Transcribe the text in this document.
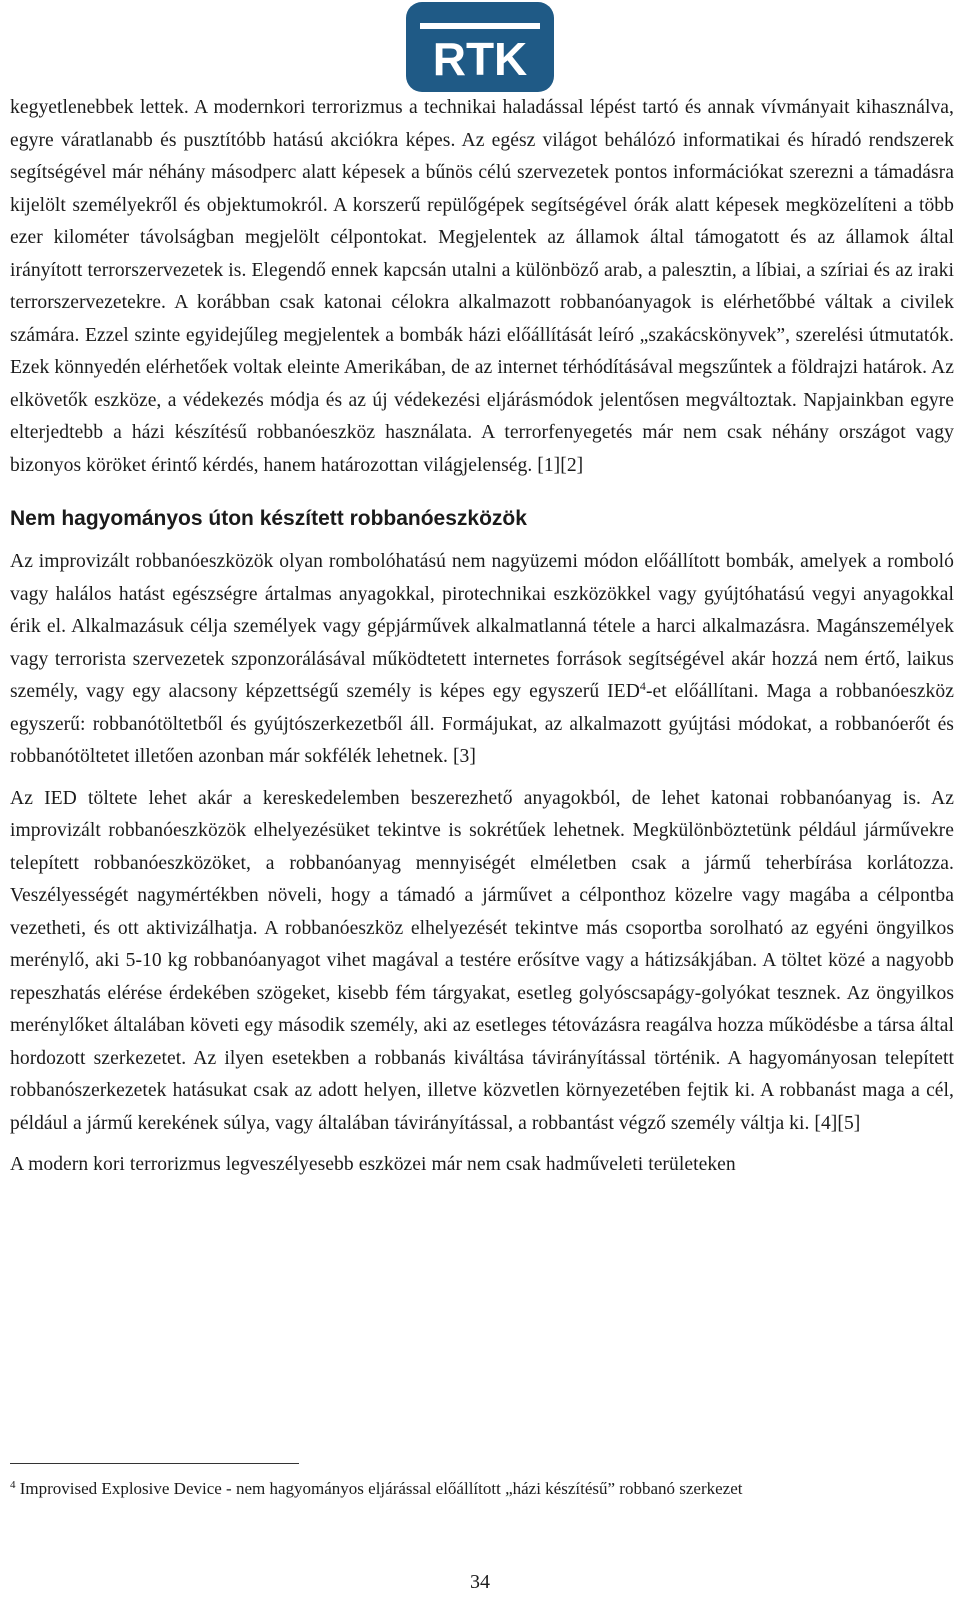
RTK

kegyetlenebbek lettek. A modernkori terrorizmus a technikai haladással lépést tartó és annak vívmányait kihasználva, egyre váratlanabb és pusztítóbb hatású akciókra képes. Az egész világot behálózó informatikai és híradó rendszerek segítségével már néhány másodperc alatt képesek a bűnös célú szervezetek pontos információkat szerezni a támadásra kijelölt személyekről és objektumokról. A korszerű repülőgépek segítségével órák alatt képesek megközelíteni a több ezer kilométer távolságban megjelölt célpontokat. Megjelentek az államok által támogatott és az államok által irányított terrorszervezetek is. Elegendő ennek kapcsán utalni a különböző arab, a palesztin, a líbiai, a szíriai és az iraki terrorszervezetekre. A korábban csak katonai célokra alkalmazott robbanóanyagok is elérhetőbbé váltak a civilek számára. Ezzel szinte egyidejűleg megjelentek a bombák házi előállítását leíró „szakácskönyvek”, szerelési útmutatók. Ezek könnyedén elérhetőek voltak eleinte Amerikában, de az internet térhódításával megszűntek a földrajzi határok. Az elkövetők eszköze, a védekezés módja és az új védekezési eljárásmódok jelentősen megváltoztak. Napjainkban egyre elterjedtebb a házi készítésű robbanóeszköz használata. A terrorfenyegetés már nem csak néhány országot vagy bizonyos köröket érintő kérdés, hanem határozottan világjelenség. [1][2]

Nem hagyományos úton készített robbanóeszközök

Az improvizált robbanóeszközök olyan rombolóhatású nem nagyüzemi módon előállított bombák, amelyek a romboló vagy halálos hatást egészségre ártalmas anyagokkal, pirotechnikai eszközökkel vagy gyújtóhatású vegyi anyagokkal érik el. Alkalmazásuk célja személyek vagy gépjárművek alkalmatlanná tétele a harci alkalmazásra. Magánszemélyek vagy terrorista szervezetek szponzorálásával működtetett internetes források segítségével akár hozzá nem értő, laikus személy, vagy egy alacsony képzettségű személy is képes egy egyszerű IED$^4$-et előállítani. Maga a robbanóeszköz egyszerű: robbanótöltetből és gyújtószerkezetből áll. Formájukat, az alkalmazott gyújtási módokat, a robbanóerőt és robbanótöltetet illetően azonban már sokfélék lehetnek. [3]

Az IED töltete lehet akár a kereskedelemben beszerezhető anyagokból, de lehet katonai robbanóanyag is. Az improvizált robbanóeszközök elhelyezésüket tekintve is sokrétűek lehetnek. Megkülönböztetünk például járművekre telepített robbanóeszközöket, a robbanóanyag mennyiségét elméletben csak a jármű teherbírása korlátozza. Veszélyességét nagymértékben növeli, hogy a támadó a járművet a célponthoz közelre vagy magába a célpontba vezetheti, és ott aktivizálhatja. A robbanóeszköz elhelyezését tekintve más csoportba sorolható az egyéni öngyilkos merénylő, aki 5-10 kg robbanóanyagot vihet magával a testére erősítve vagy a hátizsákjában. A töltet közé a nagyobb repeszhatás elérése érdekében szögeket, kisebb fém tárgyakat, esetleg golyóscsapágy-golyókat tesznek. Az öngyilkos merénylőket általában követi egy második személy, aki az esetleges tétovázásra reagálva hozza működésbe a társa által hordozott szerkezetet. Az ilyen esetekben a robbanás kiváltása távirányítással történik. A hagyományosan telepített robbanószerkezetek hatásukat csak az adott helyen, illetve közvetlen környezetében fejtik ki. A robbanást maga a cél, például a jármű kerekének súlya, vagy általában távirányítással, a robbantást végző személy váltja ki. [4][5]

A modern kori terrorizmus legveszélyesebb eszközei már nem csak hadműveleti területeken

$^4$ Improvised Explosive Device - nem hagyományos eljárással előállított „házi készítésű” robbanó szerkezet
34
